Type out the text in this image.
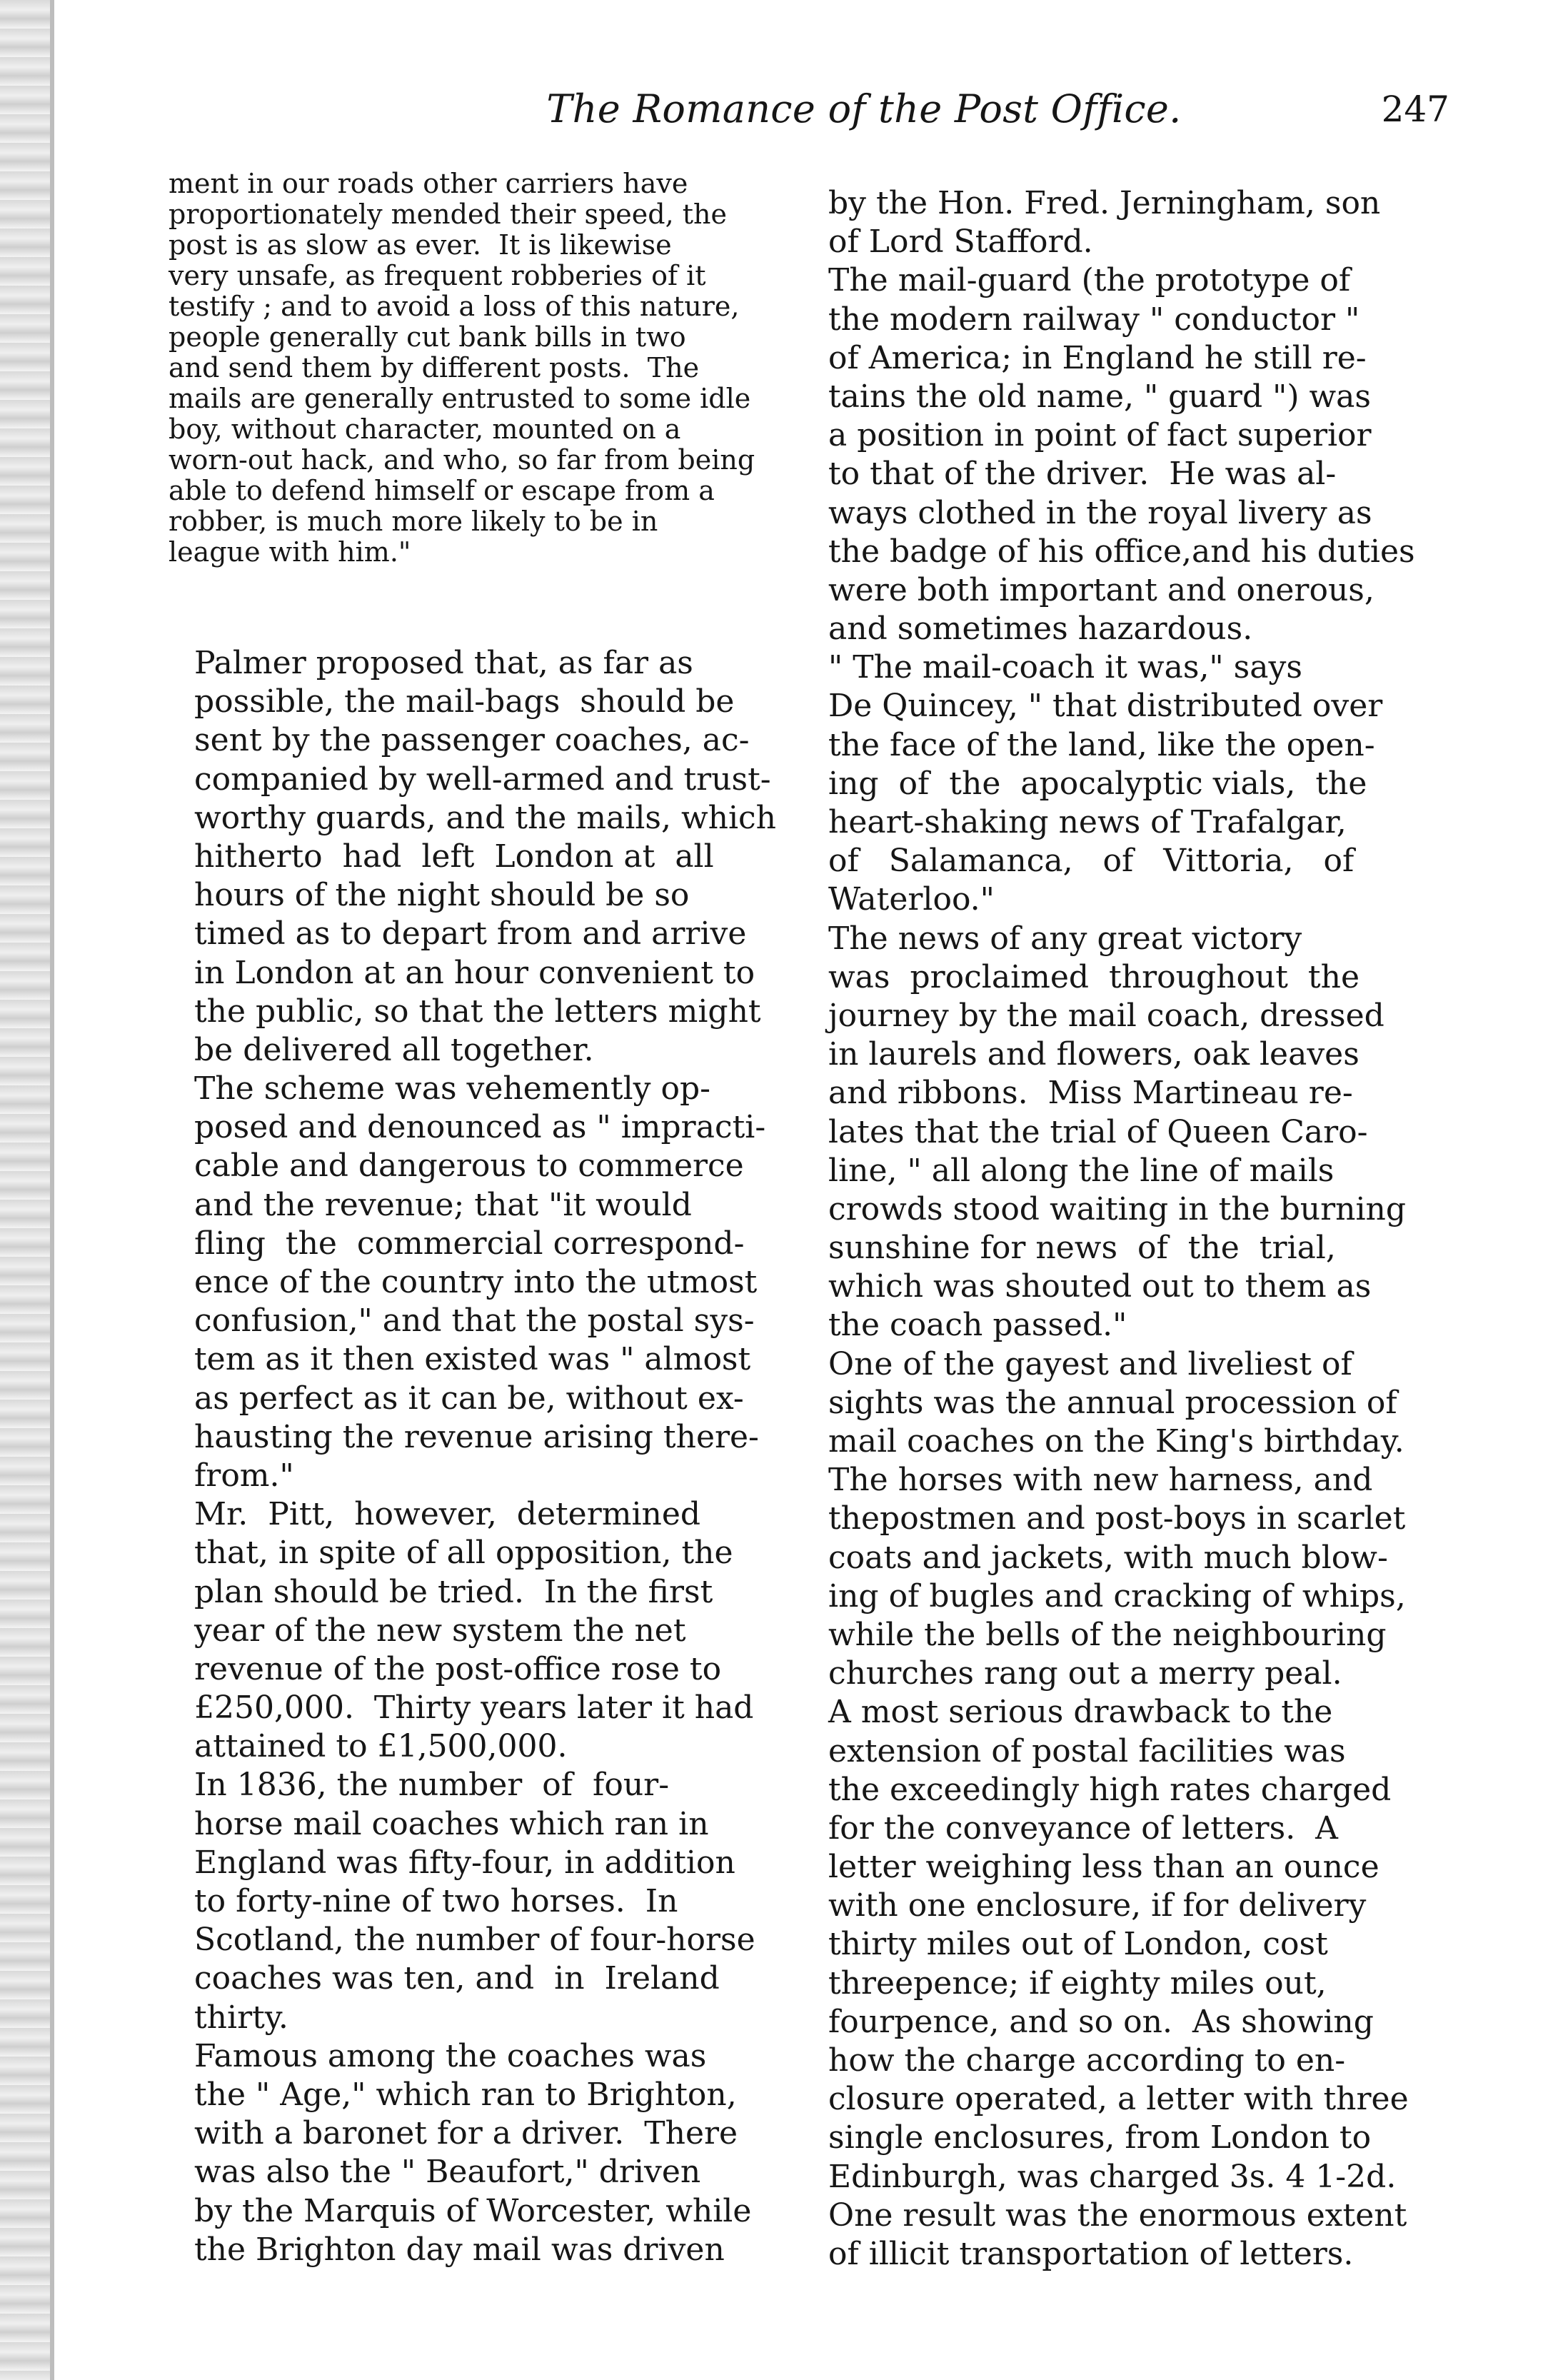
The Romance of the Post Office.	247
ment in our roads other carriers have
proportionately mended their speed, the
post is as slow as ever.  It is likewise
very unsafe, as frequent robberies of it
testify ; and to avoid a loss of this nature,
people generally cut bank bills in two
and send them by different posts.  The
mails are generally entrusted to some idle
boy, without character, mounted on a
worn-out hack, and who, so far from being
able to defend himself or escape from a
robber, is much more likely to be in
league with him."
Palmer proposed that, as far as
possible, the mail-bags  should be
sent by the passenger coaches, ac-
companied by well-armed and trust-
worthy guards, and the mails, which
hitherto  had  left  London at  all
hours of the night should be so
timed as to depart from and arrive
in London at an hour convenient to
the public, so that the letters might
be delivered all together.
The scheme was vehemently op-
posed and denounced as " impracti-
cable and dangerous to commerce
and the revenue; that "it would
fling  the  commercial correspond-
ence of the country into the utmost
confusion," and that the postal sys-
tem as it then existed was " almost
as perfect as it can be, without ex-
hausting the revenue arising there-
from."
Mr.  Pitt,  however,  determined
that, in spite of all opposition, the
plan should be tried.  In the first
year of the new system the net
revenue of the post-office rose to
£250,000.  Thirty years later it had
attained to £1,500,000.
In 1836, the number  of  four-
horse mail coaches which ran in
England was fifty-four, in addition
to forty-nine of two horses.  In
Scotland, the number of four-horse
coaches was ten, and  in  Ireland
thirty.
Famous among the coaches was
the " Age," which ran to Brighton,
with a baronet for a driver.  There
was also the " Beaufort," driven
by the Marquis of Worcester, while
the Brighton day mail was driven
by the Hon. Fred. Jerningham, son
of Lord Stafford.
The mail-guard (the prototype of
the modern railway " conductor "
of America; in England he still re-
tains the old name, " guard ") was
a position in point of fact superior
to that of the driver.  He was al-
ways clothed in the royal livery as
the badge of his office,and his duties
were both important and onerous,
and sometimes hazardous.
" The mail-coach it was," says
De Quincey, " that distributed over
the face of the land, like the open-
ing  of  the  apocalyptic vials,  the
heart-shaking news of Trafalgar,
of   Salamanca,   of   Vittoria,   of
Waterloo."
The news of any great victory
was  proclaimed  throughout  the
journey by the mail coach, dressed
in laurels and flowers, oak leaves
and ribbons.  Miss Martineau re-
lates that the trial of Queen Caro-
line, " all along the line of mails
crowds stood waiting in the burning
sunshine for news  of  the  trial,
which was shouted out to them as
the coach passed."
One of the gayest and liveliest of
sights was the annual procession of
mail coaches on the King's birthday.
The horses with new harness, and
thepostmen and post-boys in scarlet
coats and jackets, with much blow-
ing of bugles and cracking of whips,
while the bells of the neighbouring
churches rang out a merry peal.
A most serious drawback to the
extension of postal facilities was
the exceedingly high rates charged
for the conveyance of letters.  A
letter weighing less than an ounce
with one enclosure, if for delivery
thirty miles out of London, cost
threepence; if eighty miles out,
fourpence, and so on.  As showing
how the charge according to en-
closure operated, a letter with three
single enclosures, from London to
Edinburgh, was charged 3s. 4 1-2d.
One result was the enormous extent
of illicit transportation of letters.
